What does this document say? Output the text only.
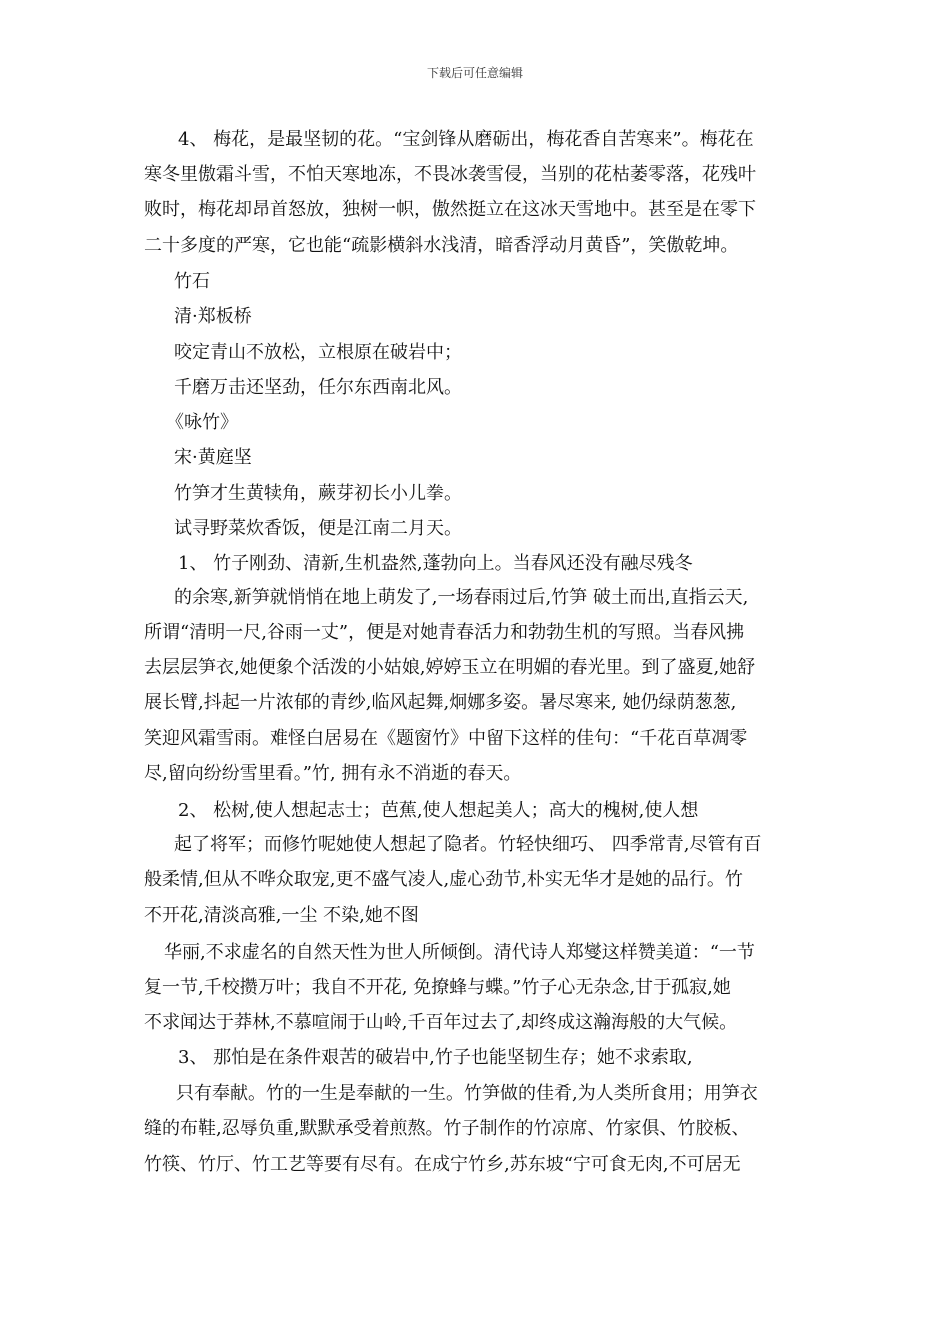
下载后可任意编辑
4、 梅花，是最坚韧的花。“宝剑锋从磨砺出，梅花香自苦寒来”。梅花在
寒冬里傲霜斗雪，不怕天寒地冻，不畏冰袭雪侵，当别的花枯萎零落，花残叶
败时，梅花却昂首怒放，独树一帜，傲然挺立在这冰天雪地中。甚至是在零下
二十多度的严寒，它也能“疏影横斜水浅清，暗香浮动月黄昏”，笑傲乾坤。
竹石
清·郑板桥
咬定青山不放松，立根原在破岩中；
千磨万击还坚劲，任尔东西南北风。
《咏竹》
宋·黄庭坚
竹笋才生黄犊角，蕨芽初长小儿拳。
试寻野菜炊香饭，便是江南二月天。
1、 竹子刚劲、清新,生机盎然,蓬勃向上。当春风还没有融尽残冬
的余寒,新笋就悄悄在地上萌发了,一场春雨过后,竹笋 破土而出,直指云天,
所谓“清明一尺,谷雨一丈”，便是对她青春活力和勃勃生机的写照。当春风拂
去层层笋衣,她便象个活泼的小姑娘,婷婷玉立在明媚的春光里。到了盛夏,她舒
展长臂,抖起一片浓郁的青纱,临风起舞,炯娜多姿。暑尽寒来, 她仍绿荫葱葱,
笑迎风霜雪雨。难怪白居易在《题窗竹》中留下这样的佳句：“千花百草凋零
尽,留向纷纷雪里看。”竹, 拥有永不消逝的春天。
2、 松树,使人想起志士；芭蕉,使人想起美人；高大的槐树,使人想
起了将军；而修竹呢她使人想起了隐者。竹轻快细巧、 四季常青,尽管有百
般柔情,但从不哗众取宠,更不盛气凌人,虚心劲节,朴实无华才是她的品行。竹
不开花,清淡高雅,一尘 不染,她不图
华丽,不求虚名的自然天性为世人所倾倒。清代诗人郑燮这样赞美道：“一节
复一节,千校攒万叶；我自不开花, 免撩蜂与蝶。”竹子心无杂念,甘于孤寂,她
不求闻达于莽林,不慕喧闹于山岭,千百年过去了,却终成这瀚海般的大气候。
3、 那怕是在条件艰苦的破岩中,竹子也能坚韧生存；她不求索取,
只有奉献。竹的一生是奉献的一生。竹笋做的佳肴,为人类所食用；用笋衣
缝的布鞋,忍辱负重,默默承受着煎熬。竹子制作的竹凉席、竹家俱、竹胶板、
竹筷、竹厅、竹工艺等要有尽有。在成宁竹乡,苏东坡“宁可食无肉,不可居无
